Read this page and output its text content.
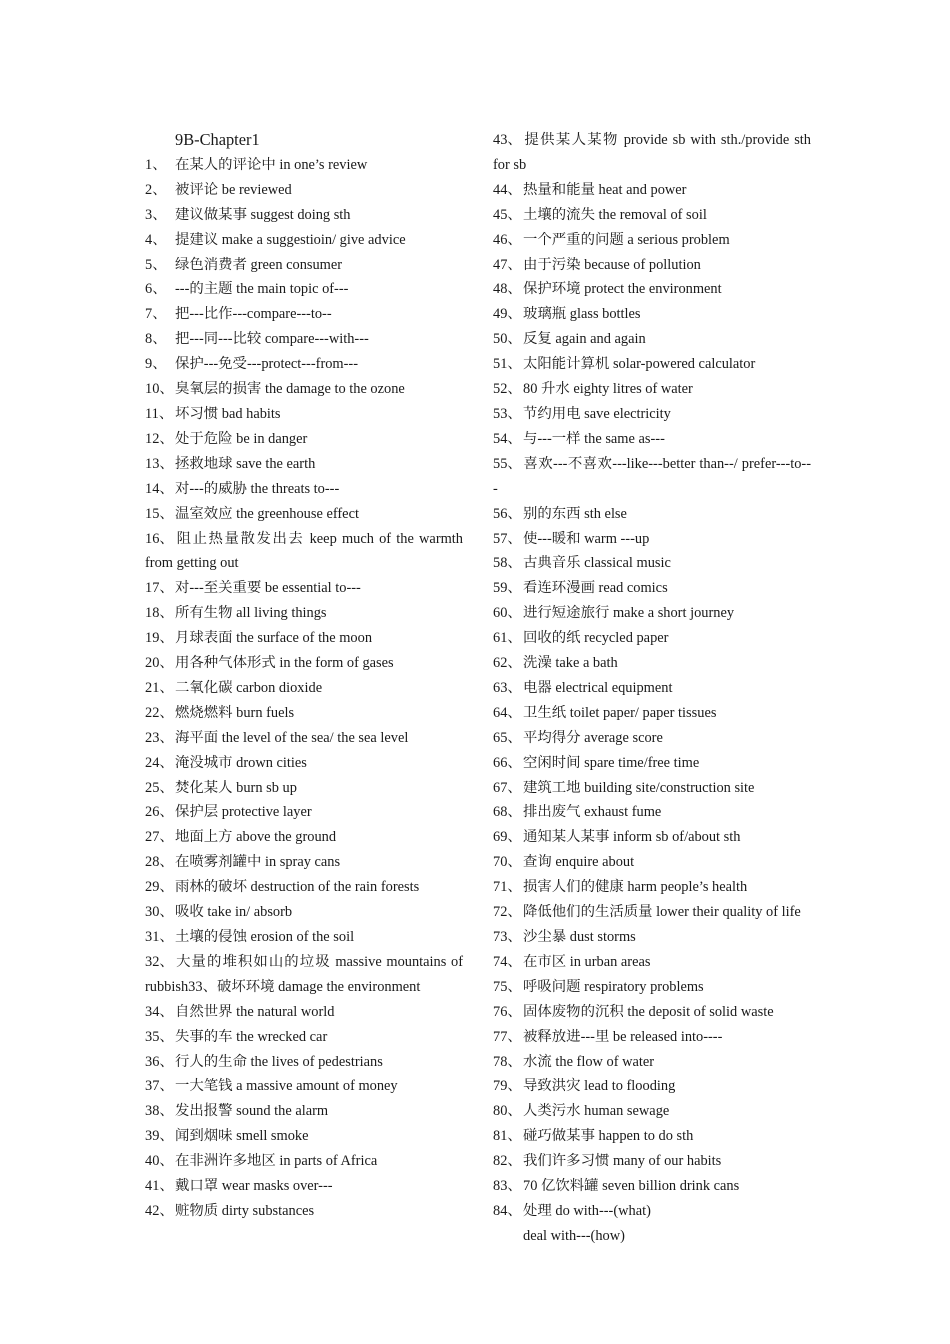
9B-Chapter1
1、 在某人的评论中 in one’s review
2、 被评论 be reviewed
3、 建议做某事 suggest doing sth
4、 提建议 make a suggestioin/ give advice
5、 绿色消费者 green consumer
6、 ---的主题 the main topic of---
7、 把---比作---compare---to--
8、 把---同---比较 compare---with---
9、 保护---免受---protect---from---
10、臭氧层的损害 the damage to the ozone
11、 坏习惯 bad habits
12、处于危险 be in danger
13、拯救地球 save the earth
14、对---的威胁 the threats to---
15、温室效应 the greenhouse effect
16、阻止热量散发出去 keep much of the warmth from getting out
17、对---至关重要 be essential to---
18、所有生物 all living things
19、月球表面 the surface of the moon
20、用各种气体形式 in the form of gases
21、二氧化碳 carbon dioxide
22、燃烧燃料 burn fuels
23、海平面 the level of the sea/ the sea level
24、淹没城市 drown cities
25、焚化某人 burn sb up
26、保护层 protective layer
27、地面上方 above the ground
28、在喷雾剂罐中 in spray cans
29、雨林的破坏 destruction of the rain forests
30、吸收 take in/ absorb
31、土壤的侵蚀 erosion of the soil
32、大量的堆积如山的垃圾 massive mountains of rubbish33、破坏环境 damage the environment
34、自然世界 the natural world
35、失事的车 the wrecked car
36、行人的生命 the lives of pedestrians
37、一大笔钱 a massive amount of money
38、发出报警 sound the alarm
39、闻到烟味 smell smoke
40、在非洲许多地区 in parts of Africa
41、戴口罩 wear masks over---
42、赃物质 dirty substances
43、提供某人某物 provide sb with sth./provide sth for sb
44、热量和能量 heat and power
45、土壤的流失 the removal of soil
46、一个严重的问题 a serious problem
47、由于污染 because of pollution
48、保护环境 protect the environment
49、玻璃瓶 glass bottles
50、反复 again and again
51、太阳能计算机 solar-powered calculator
52、80 升水 eighty litres of water
53、节约用电 save electricity
54、与---一样 the same as---
55、喜欢---不喜欢---like---better than--/ prefer---to---
56、别的东西 sth else
57、使---暖和 warm ---up
58、古典音乐 classical music
59、看连环漫画 read comics
60、进行短途旅行 make a short journey
61、回收的纸 recycled paper
62、洗澡 take a bath
63、电器 electrical equipment
64、卫生纸 toilet paper/ paper tissues
65、平均得分 average score
66、空闲时间 spare time/free time
67、建筑工地 building site/construction site
68、排出废气 exhaust fume
69、通知某人某事 inform sb of/about sth
70、查询 enquire about
71、损害人们的健康 harm people’s health
72、降低他们的生活质量 lower their quality of life
73、沙尘暴 dust storms
74、在市区 in urban areas
75、呼吸问题 respiratory problems
76、固体废物的沉积 the deposit of solid waste
77、被释放进---里 be released into----
78、水流 the flow of water
79、导致洪灾 lead to flooding
80、人类污水 human sewage
81、碰巧做某事 happen to do sth
82、我们许多习惯 many of our habits
83、70 亿饮料罐 seven billion drink cans
84、处理 do with---(what)
deal with---(how)
